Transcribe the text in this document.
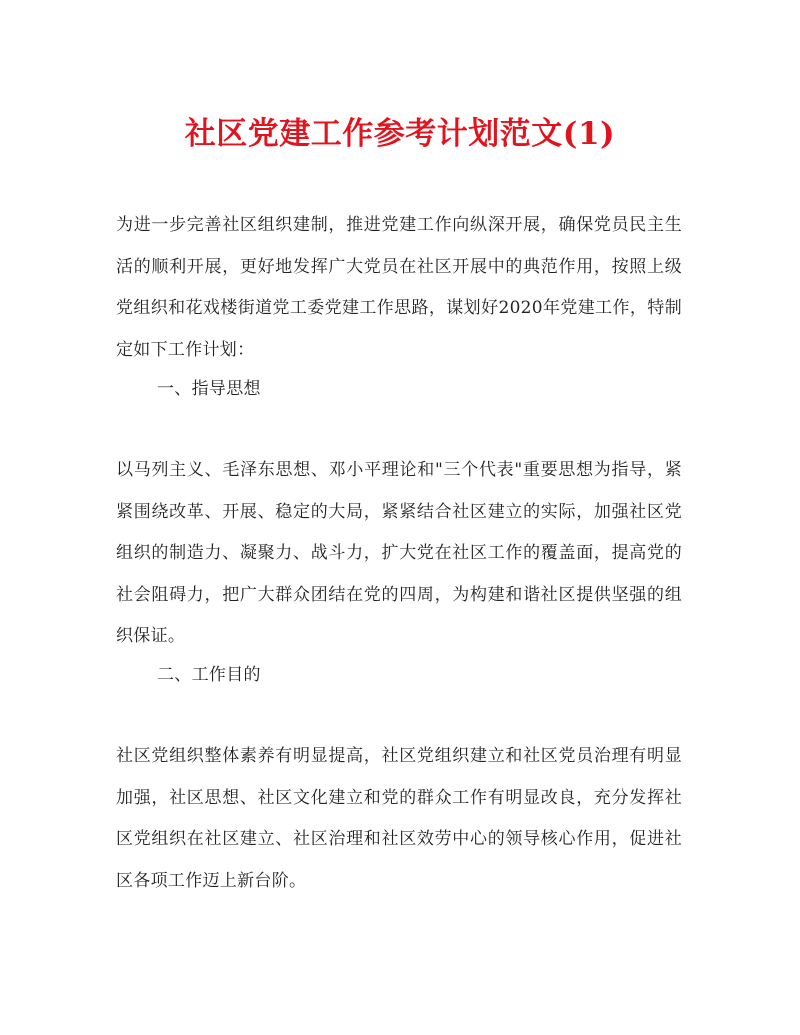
社区党建工作参考计划范文(1)

为进一步完善社区组织建制，推进党建工作向纵深开展，确保党员民主生活的顺利开展，更好地发挥广大党员在社区开展中的典范作用，按照上级党组织和花戏楼街道党工委党建工作思路，谋划好2020年党建工作，特制定如下工作计划：

一、指导思想

以马列主义、毛泽东思想、邓小平理论和"三个代表"重要思想为指导，紧紧围绕改革、开展、稳定的大局，紧紧结合社区建立的实际，加强社区党组织的制造力、凝聚力、战斗力，扩大党在社区工作的覆盖面，提高党的社会阻碍力，把广大群众团结在党的四周，为构建和谐社区提供坚强的组织保证。

二、工作目的

社区党组织整体素养有明显提高，社区党组织建立和社区党员治理有明显加强，社区思想、社区文化建立和党的群众工作有明显改良，充分发挥社区党组织在社区建立、社区治理和社区效劳中心的领导核心作用，促进社区各项工作迈上新台阶。
